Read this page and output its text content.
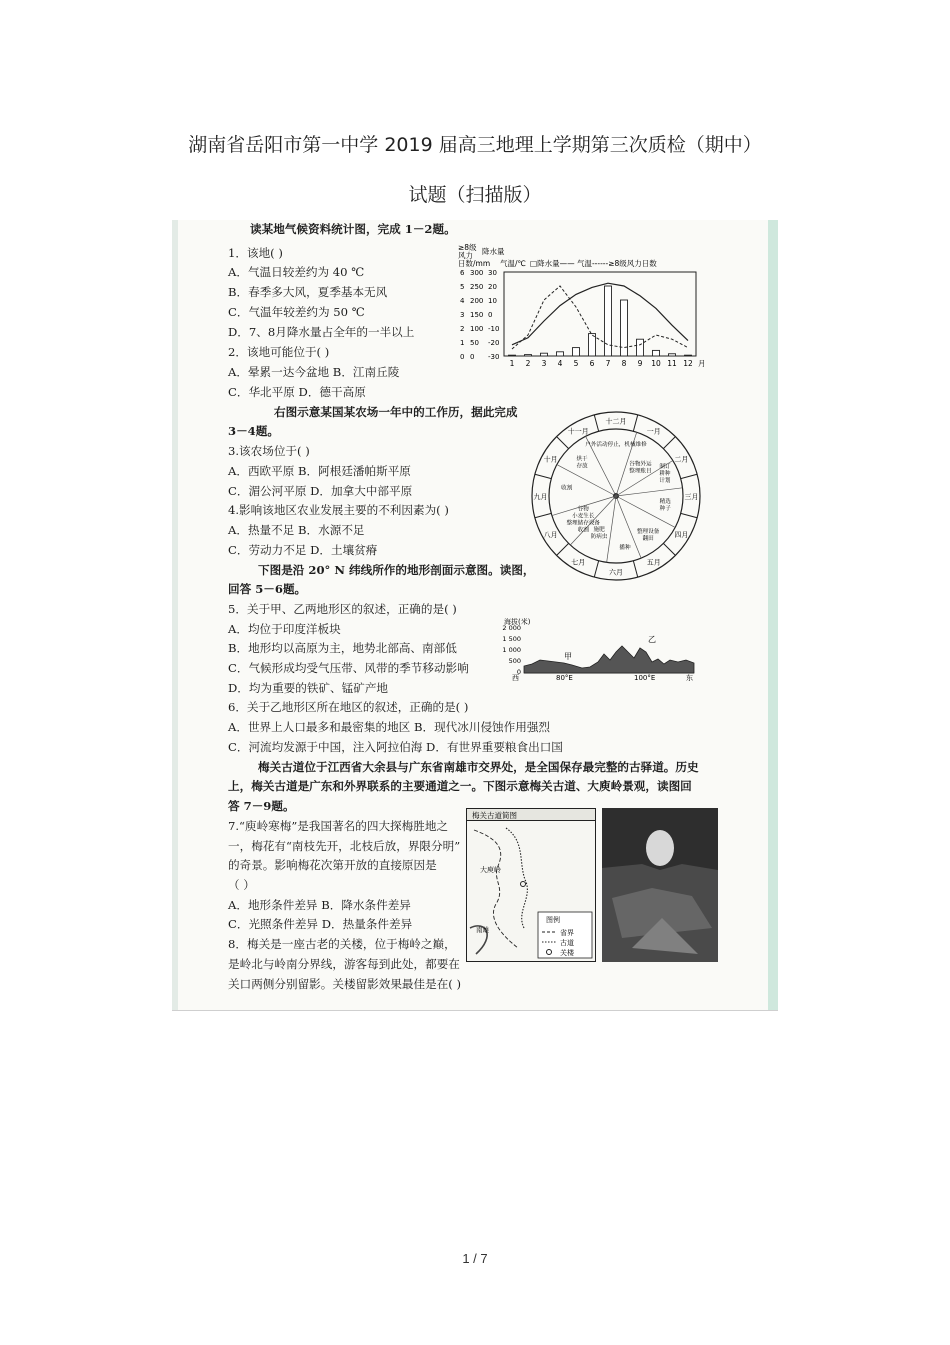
湖南省岳阳市第一中学 2019 届高三地理上学期第三次质检（期中）
试题（扫描版）
读某地气候资料统计图，完成 1－2题。
1．该地( )
A．气温日较差约为 40 ℃
B．春季多大风，夏季基本无风
C．气温年较差约为 50 ℃
D．7、8月降水量占全年的一半以上
2．该地可能位于( )
A．晕累一达今盆地 B．江南丘陵
C．华北平原 D．德干高原
右图示意某国某农场一年中的工作历，据此完成
3－4题。
3.该农场位于( )
A．西欧平原 B．阿根廷潘帕斯平原
C．湄公河平原 D．加拿大中部平原
4.影响该地区农业发展主要的不利因素为( )
A．热量不足 B．水源不足
C．劳动力不足 D．土壤贫瘠
下图是沿 20° N 纬线所作的地形剖面示意图。读图，
回答 5－6题。
5．关于甲、乙两地形区的叙述，正确的是( )
A．均位于印度洋板块
B．地形均以高原为主，地势北部高、南部低
C．气候形成均受气压带、风带的季节移动影响
D．均为重要的铁矿、锰矿产地
6．关于乙地形区所在地区的叙述，正确的是( )
A．世界上人口最多和最密集的地区 B．现代冰川侵蚀作用强烈
C．河流均发源于中国，注入阿拉伯海 D．有世界重要粮食出口国
梅关古道位于江西省大余县与广东省南雄市交界处，是全国保存最完整的古驿道。历史
上，梅关古道是广东和外界联系的主要通道之一。下图示意梅关古道、大庾岭景观，读图回
答 7－9题。
7.“庾岭寒梅”是我国著名的四大探梅胜地之
一，梅花有“南枝先开，北枝后放，界限分明”
的奇景。影响梅花次第开放的直接原因是
（ ）
A．地形条件差异 B．降水条件差异
C．光照条件差异 D．热量条件差异
8．梅关是一座古老的关楼，位于梅岭之巅，
是岭北与岭南分界线，游客每到此处，都要在
关口两侧分别留影。关楼留影效果最佳是在( )
≥8级
风力
日数/mm
降水量
气温/℃ □降水量—— 气温------≥8级风力日数
6
5
4
3
2
1
0
300
250
200
150
100
50
0
30
20
10
0
-10
-20
-30
1 2 3 4 5 6 7 8 9 10 11 12 月
十二月
一月
二月
三月
四月
五月
六月
七月
八月
九月
十月
十一月
户外活动停止，机械维修
谷物外运
整理账目
制订
耕种
计划
精选
种子
整理设备
翻田
播种
施肥
防病虫
谷物
小麦生长
整理储存设备
收割
收割
烘干
存放
海拔(米)
2 000
1 500
1 000
500
0
甲
乙
西	80°E	100°E	东
梅关古道简图
大庾岭
南雄
图例
省界
古道
关楼
1 / 7
